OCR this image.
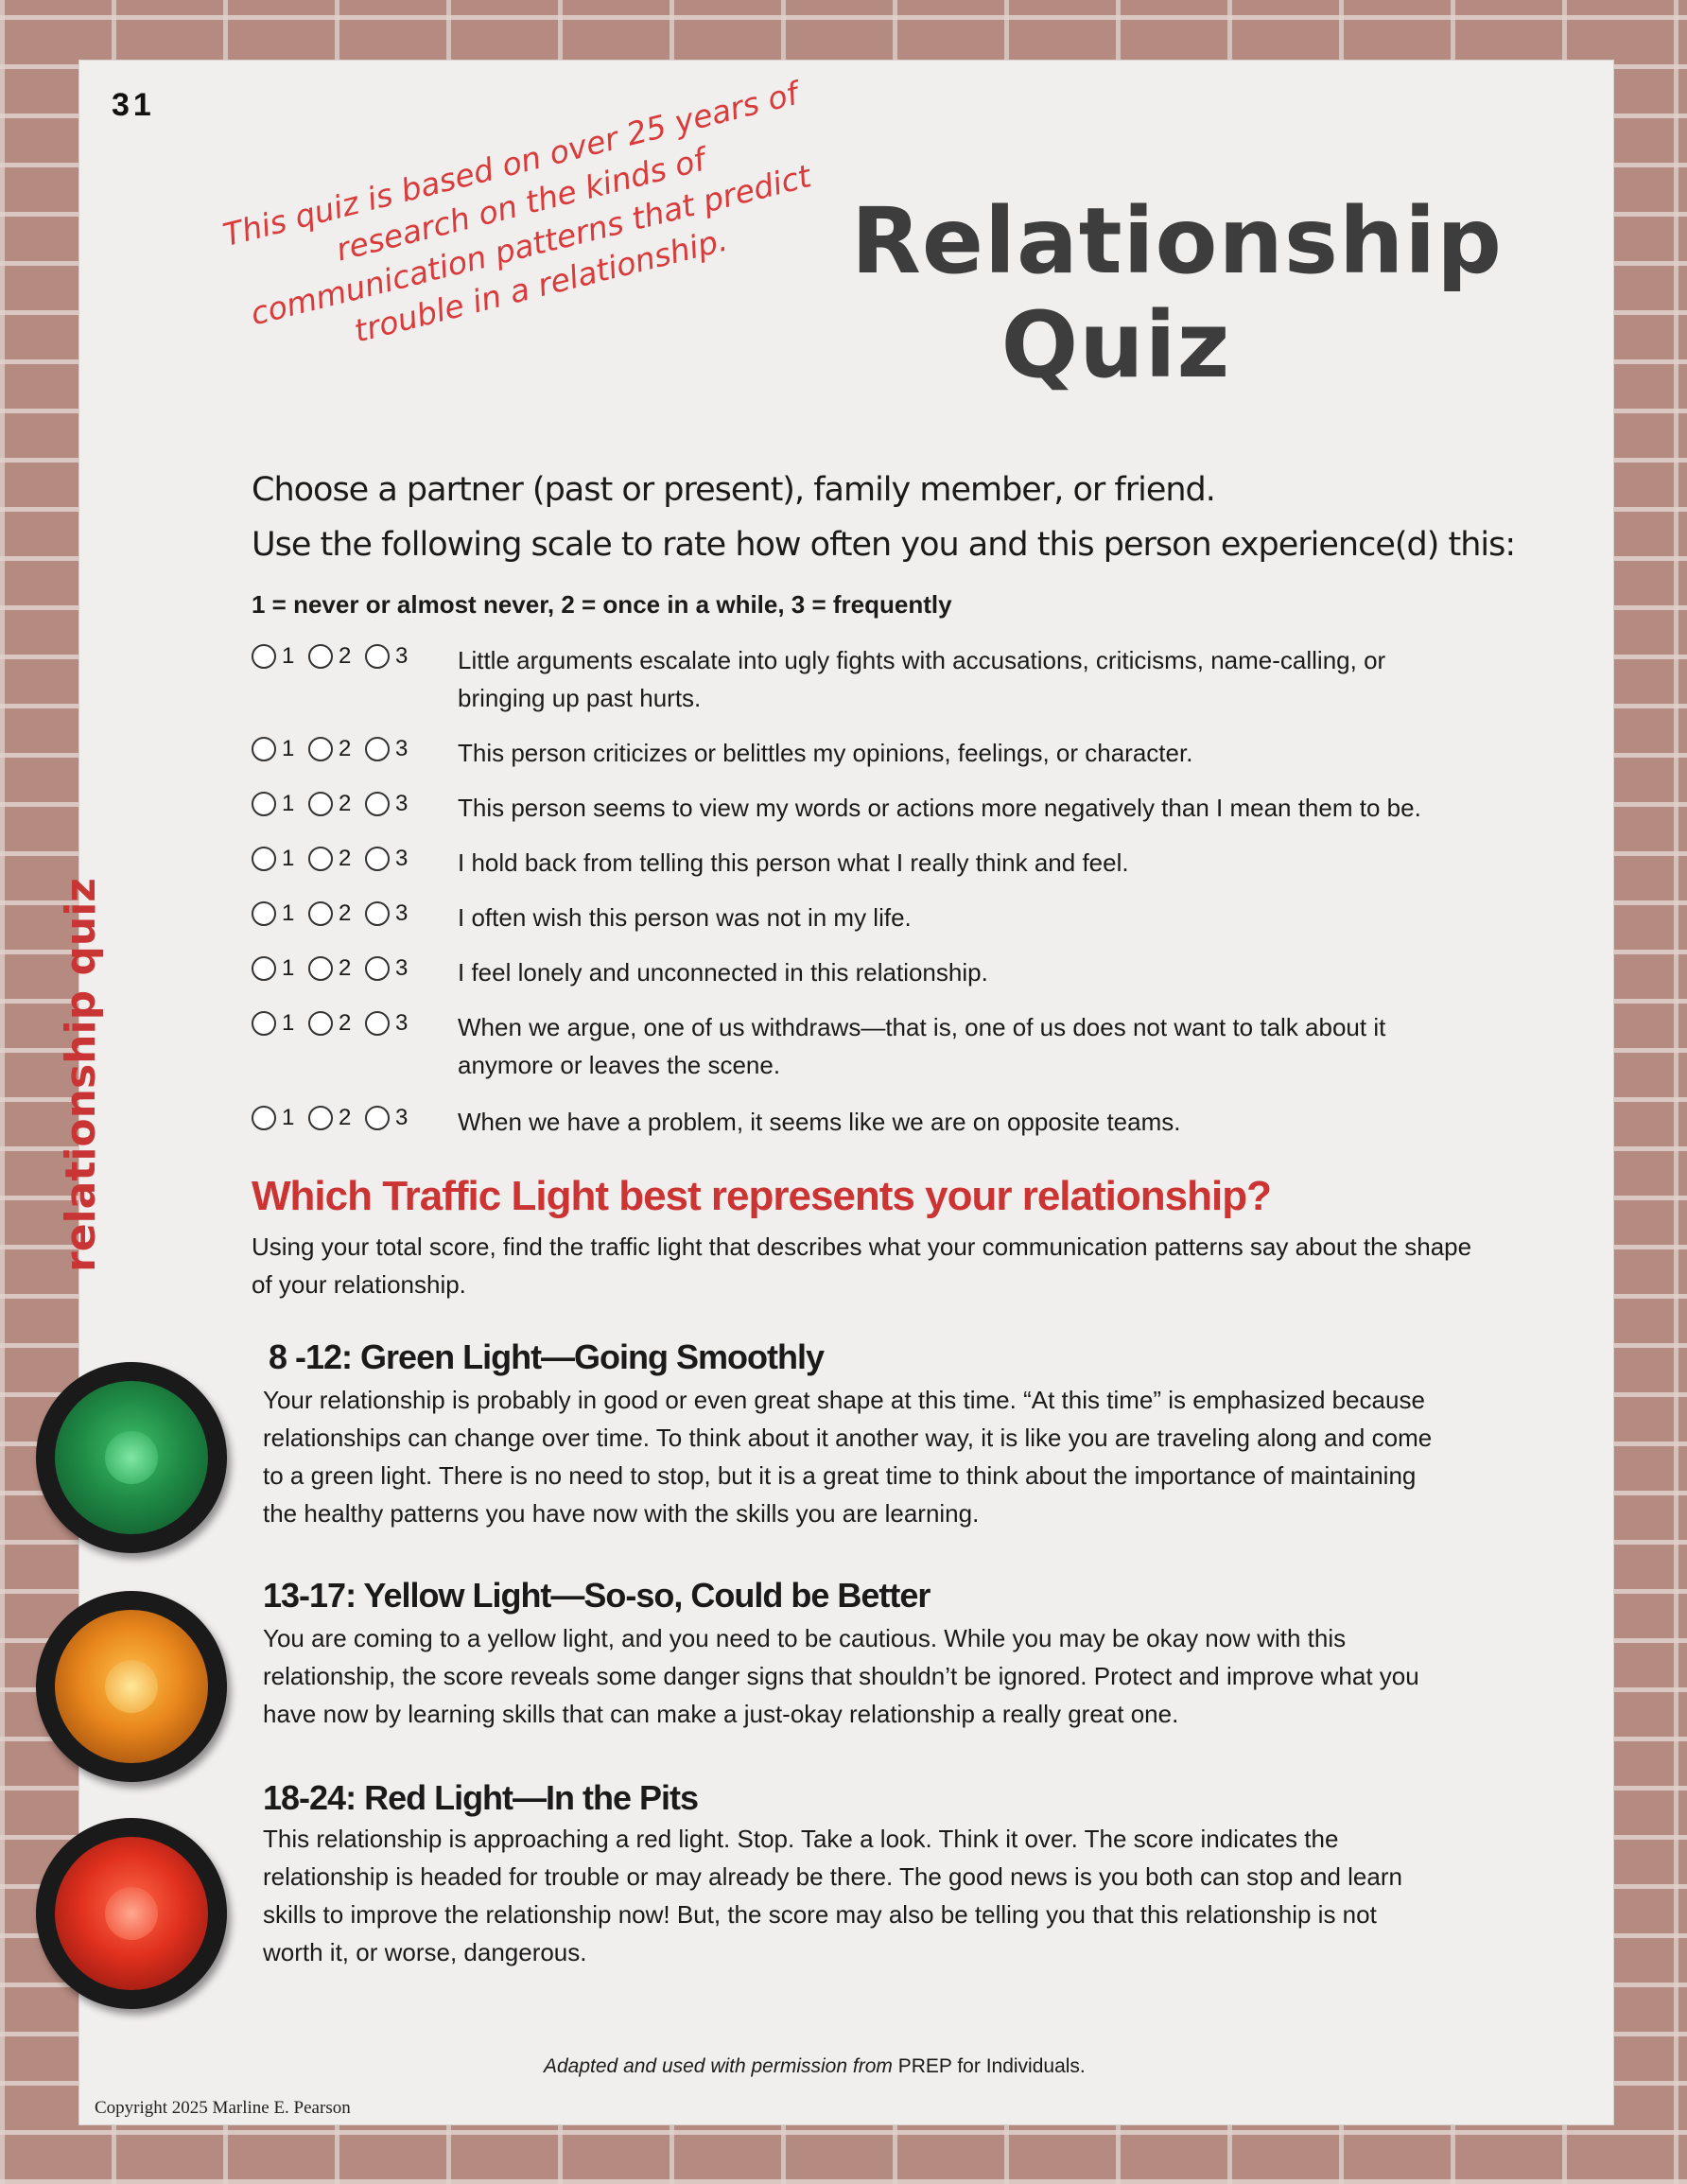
31 This quiz is based on over 25 years of research on the kinds of communication patterns that predict trouble in a relationship.	Relationship
Quiz
Choose a partner (past or present), family member, or friend.
Use the following scale to rate how often you and this person experience(d) this:
1 = never or almost never, 2 = once in a while, 3 = frequently
1 2 3 Little arguments escalate into ugly fights with accusations, criticisms, name-calling, or bringing up past hurts.
1 2 3 This person criticizes or belittles my opinions, feelings, or character.
1 2 3 This person seems to view my words or actions more negatively than I mean them to be.
1 2 3 I hold back from telling this person what I really think and feel.
1 2 3 I often wish this person was not in my life.
1 2 3 I feel lonely and unconnected in this relationship.
1 2 3 When we argue, one of us withdraws—that is, one of us does not want to talk about it anymore or leaves the scene.
1 2 3 When we have a problem, it seems like we are on opposite teams.
relationship quiz	Which Traffic Light best represents your relationship?
Using your total score, find the traffic light that describes what your communication patterns say about the shape of your relationship.
8 -12: Green Light—Going Smoothly
Your relationship is probably in good or even great shape at this time. “At this time” is emphasized because relationships can change over time. To think about it another way, it is like you are traveling along and come to a green light. There is no need to stop, but it is a great time to think about the importance of maintaining the healthy patterns you have now with the skills you are learning.
13-17: Yellow Light—So-so, Could be Better
You are coming to a yellow light, and you need to be cautious. While you may be okay now with this relationship, the score reveals some danger signs that shouldn’t be ignored. Protect and improve what you have now by learning skills that can make a just-okay relationship a really great one.
18-24: Red Light—In the Pits
This relationship is approaching a red light. Stop. Take a look. Think it over. The score indicates the relationship is headed for trouble or may already be there. The good news is you both can stop and learn skills to improve the relationship now! But, the score may also be telling you that this relationship is not worth it, or worse, dangerous.
Adapted and used with permission from PREP for Individuals.
Copyright 2025 Marline E. Pearson
